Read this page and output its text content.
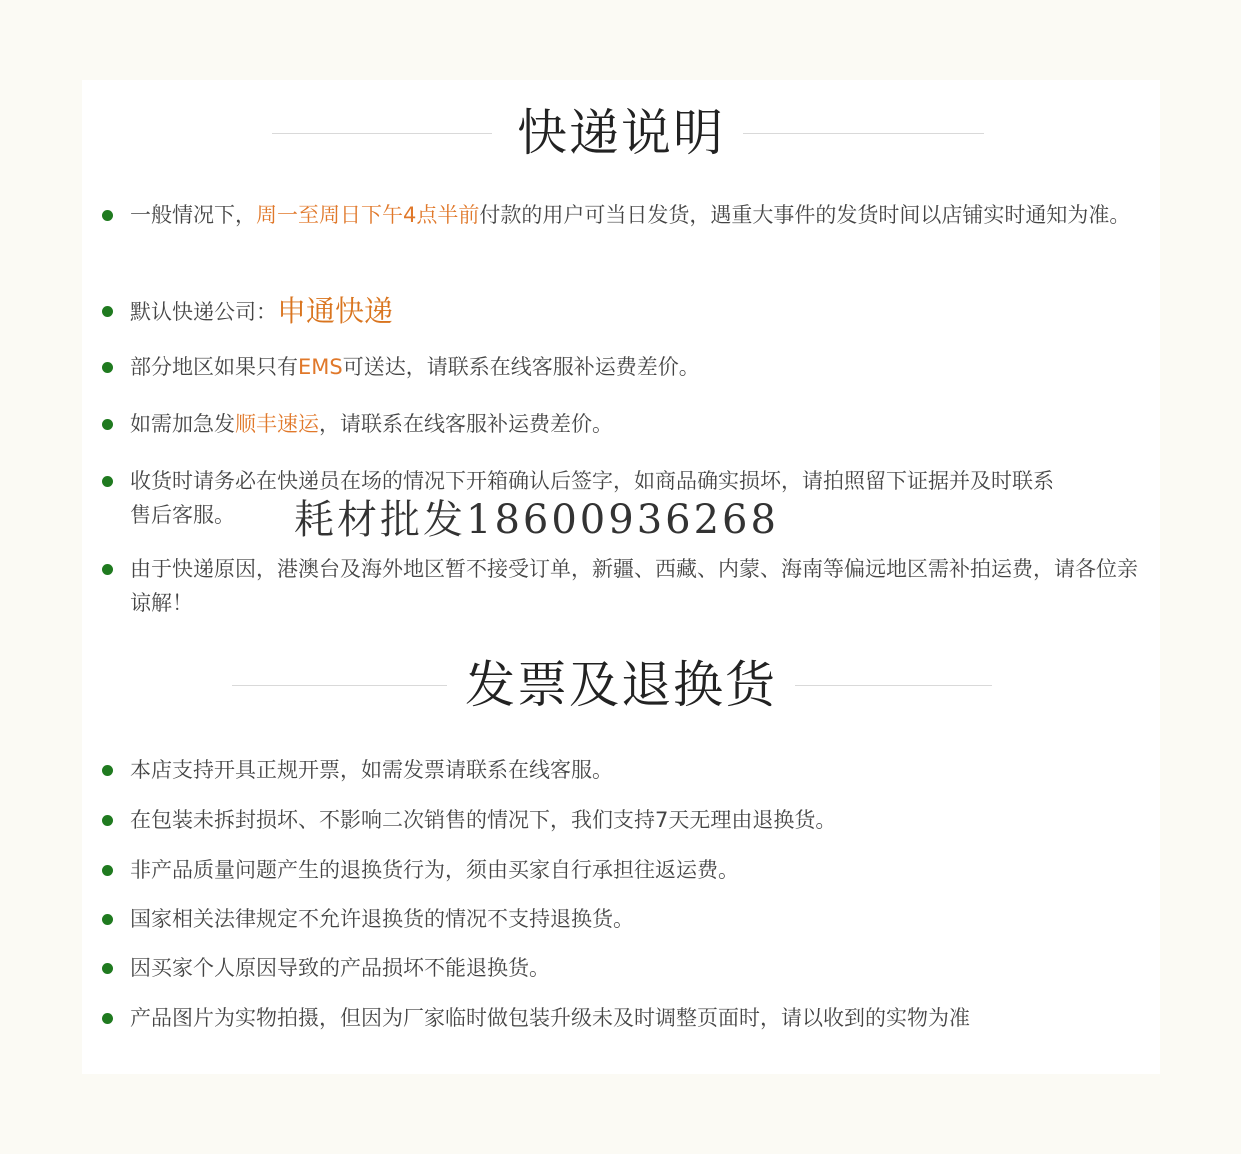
快递说明
一般情况下，周一至周日下午4点半前付款的用户可当日发货，遇重大事件的发货时间以店铺实时通知为准。
默认快递公司：申通快递
部分地区如果只有EMS可送达，请联系在线客服补运费差价。
如需加急发顺丰速运，请联系在线客服补运费差价。
收货时请务必在快递员在场的情况下开箱确认后签字，如商品确实损坏，请拍照留下证据并及时联系售后客服。
由于快递原因，港澳台及海外地区暂不接受订单，新疆、西藏、内蒙、海南等偏远地区需补拍运费，请各位亲谅解！
发票及退换货
本店支持开具正规开票，如需发票请联系在线客服。
在包装未拆封损坏、不影响二次销售的情况下，我们支持7天无理由退换货。
非产品质量问题产生的退换货行为，须由买家自行承担往返运费。
国家相关法律规定不允许退换货的情况不支持退换货。
因买家个人原因导致的产品损坏不能退换货。
产品图片为实物拍摄，但因为厂家临时做包装升级未及时调整页面时，请以收到的实物为准
耗材批发18600936268
